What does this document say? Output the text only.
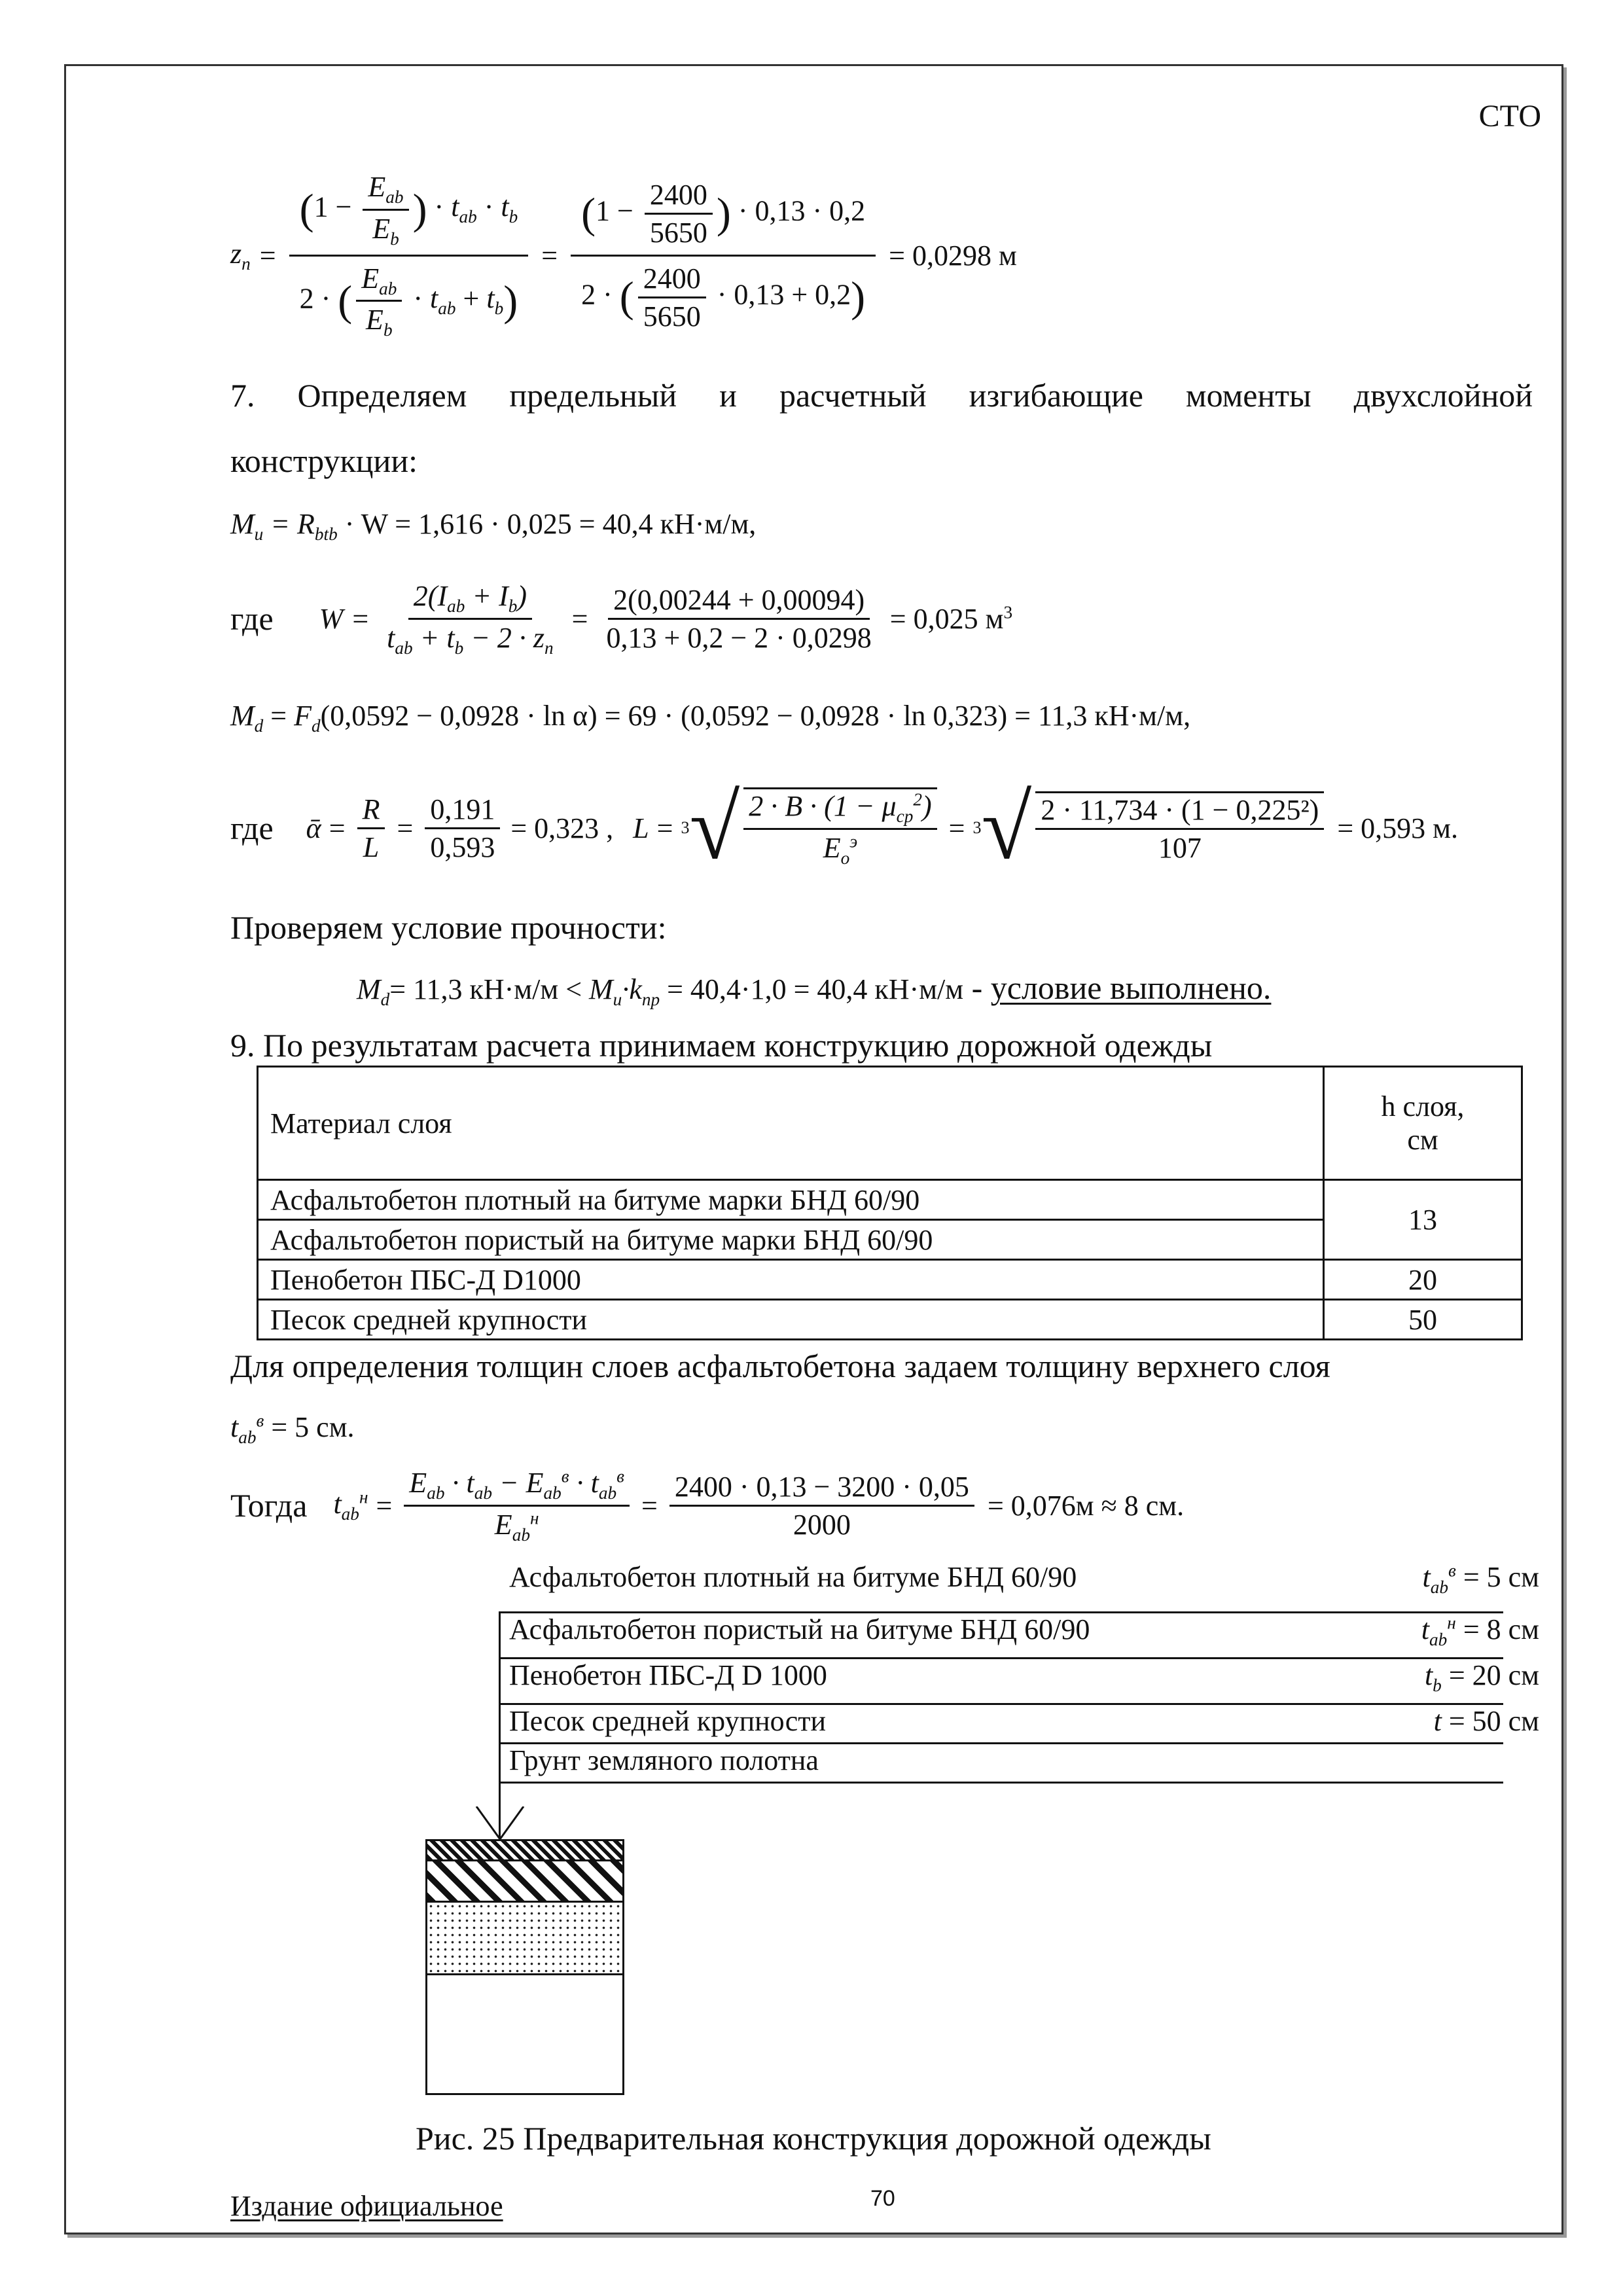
СТО
$z_n = \frac{(1 - \frac{E_{ab}}{E_b} ) \cdot t_{ab} \cdot t_b}{2 \cdot ( \frac{E_{ab}}{E_b} \cdot t_{ab} + t_b)} = \frac{(1 - \frac{2400}{5650} ) \cdot 0,13 \cdot 0,2}{2 \cdot ( \frac{2400}{5650} \cdot 0,13 + 0,2)} = 0,0298$ м
7. Определяем предельный и расчетный изгибающие моменты двухслойной
конструкции:
$M_u = R_{btb} \cdot W = 1,616 \cdot 0,025 = 40,4$ кН·м/м,
где $W = \frac{2(I_{ab} + I_b)}{t_{ab} + t_b - 2 \cdot z_n} = \frac{2(0,00244 + 0,00094)}{0,13 + 0,2 - 2 \cdot 0,0298} = 0,025$ $м^3$
$M_d = F_d(0,0592 - 0,0928 \cdot \ln \alpha) = 69 \cdot (0,0592 - 0,0928 \cdot \ln 0,323) = 11,3$ кН·м/м,
где ᾱ = $\frac{R}{L} = \frac{0,191}{0,593} = 0,323$ , L = 3 √ $\frac{2 \cdot B \cdot (1 - \mu_{ср}^2)}{E_o^э} = 3$ √ $\frac{\text{2 · 11,734 · (1 − 0,225²)}}{107} = 0,593$ м.
Проверяем условие прочности:
$M_d= 11,3$ $кН\cdot м/м < M_u\cdot k_{пр} = 40,4\cdot 1,0 = 40,4$ кН·м/м - условие выполнено.
9. По результатам расчета принимаем конструкцию дорожной одежды
Материал слоя	h слоя,
см

Асфальтобетон плотный на битуме марки БНД 60/90	13
Асфальтобетон пористый на битуме марки БНД 60/90	
Пенобетон ПБС-Д D1000	20
Песок средней крупности	50
Для определения толщин слоев асфальтобетона задаем толщину верхнего слоя
$t_{ab}^в = 5$ см.
Тогда $t_{ab}^н = \frac{E_{ab} \cdot t_{ab} - E_{ab}^в \cdot t_{ab}^в}{E_{ab}^н} = \frac{2400 \cdot 0,13 - 3200 \cdot 0,05}{2000} = 0,076м \approx 8$ см.
Асфальтобетон плотный на битуме БНД 60/90	$t_{ab}^в = 5$ см
Асфальтобетон пористый на битуме БНД 60/90	$t_{ab}^н = 8$ см
Пенобетон ПБС-Д D 1000	$t_b = 20$ см
Песок средней крупности	t = 50 см
Грунт земляного полотна
Рис. 25 Предварительная конструкция дорожной одежды
Издание официальное	70
